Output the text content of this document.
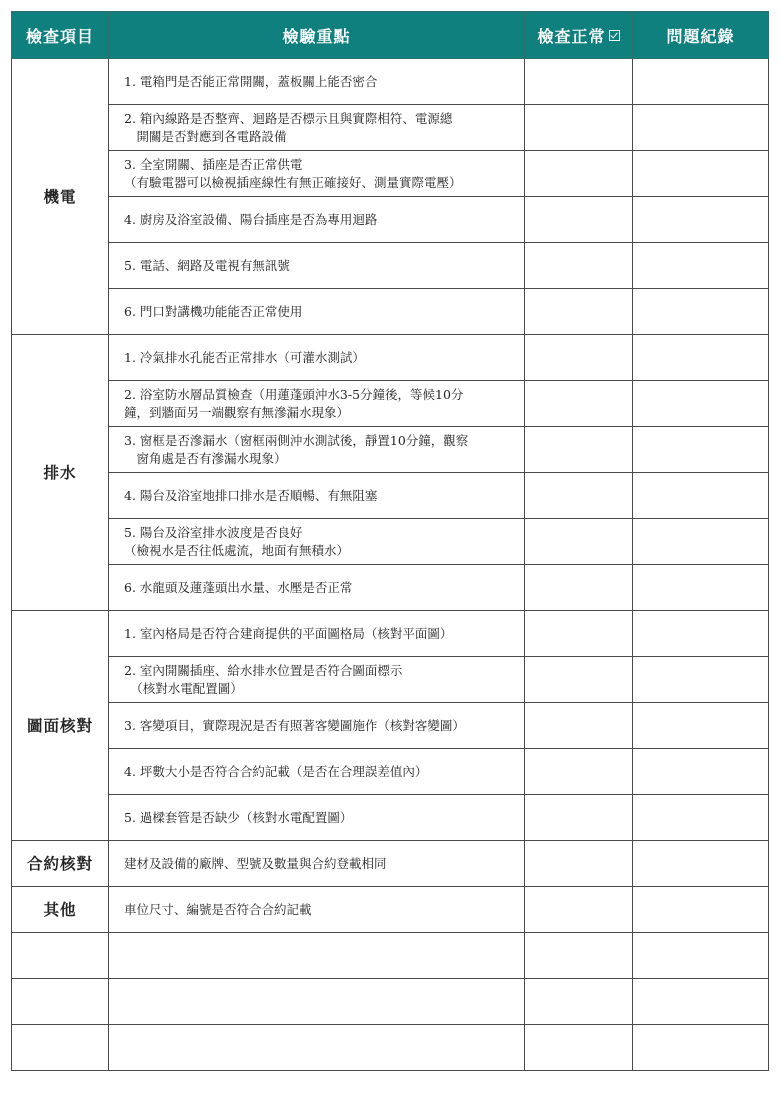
檢查項目	檢驗重點	檢查正常	問題紀錄
機電	1. 電箱門是否能正常開關，蓋板關上能否密合		

	2. 箱內線路是否整齊、迴路是否標示且與實際相符、電源總
　開關是否對應到各電路設備		

	3. 全室開關、插座是否正常供電
（有驗電器可以檢視插座線性有無正確接好、測量實際電壓）		

	4. 廚房及浴室設備、陽台插座是否為專用迴路		

	5. 電話、網路及電視有無訊號		

	6. 門口對講機功能能否正常使用		

排水	1. 冷氣排水孔能否正常排水（可灌水測試）		

	2. 浴室防水層品質檢查（用蓮蓬頭沖水3-5分鐘後，等候10分
鐘，到牆面另一端觀察有無滲漏水現象）		

	3. 窗框是否滲漏水（窗框兩側沖水測試後，靜置10分鐘，觀察
　窗角處是否有滲漏水現象）		

	4. 陽台及浴室地排口排水是否順暢、有無阻塞		

	5. 陽台及浴室排水波度是否良好
（檢視水是否往低處流，地面有無積水）		

	6. 水龍頭及蓮蓬頭出水量、水壓是否正常		

圖面核對	1. 室內格局是否符合建商提供的平面圖格局（核對平面圖）		

	2. 室內開關插座、給水排水位置是否符合圖面標示
　（核對水電配置圖）		

	3. 客變項目，實際現況是否有照著客變圖施作（核對客變圖）		

	4. 坪數大小是否符合合約記載（是否在合理誤差值內）		

	5. 過樑套管是否缺少（核對水電配置圖）		

合約核對	建材及設備的廠牌、型號及數量與合約登載相同		

其他	車位尺寸、編號是否符合合約記載		
